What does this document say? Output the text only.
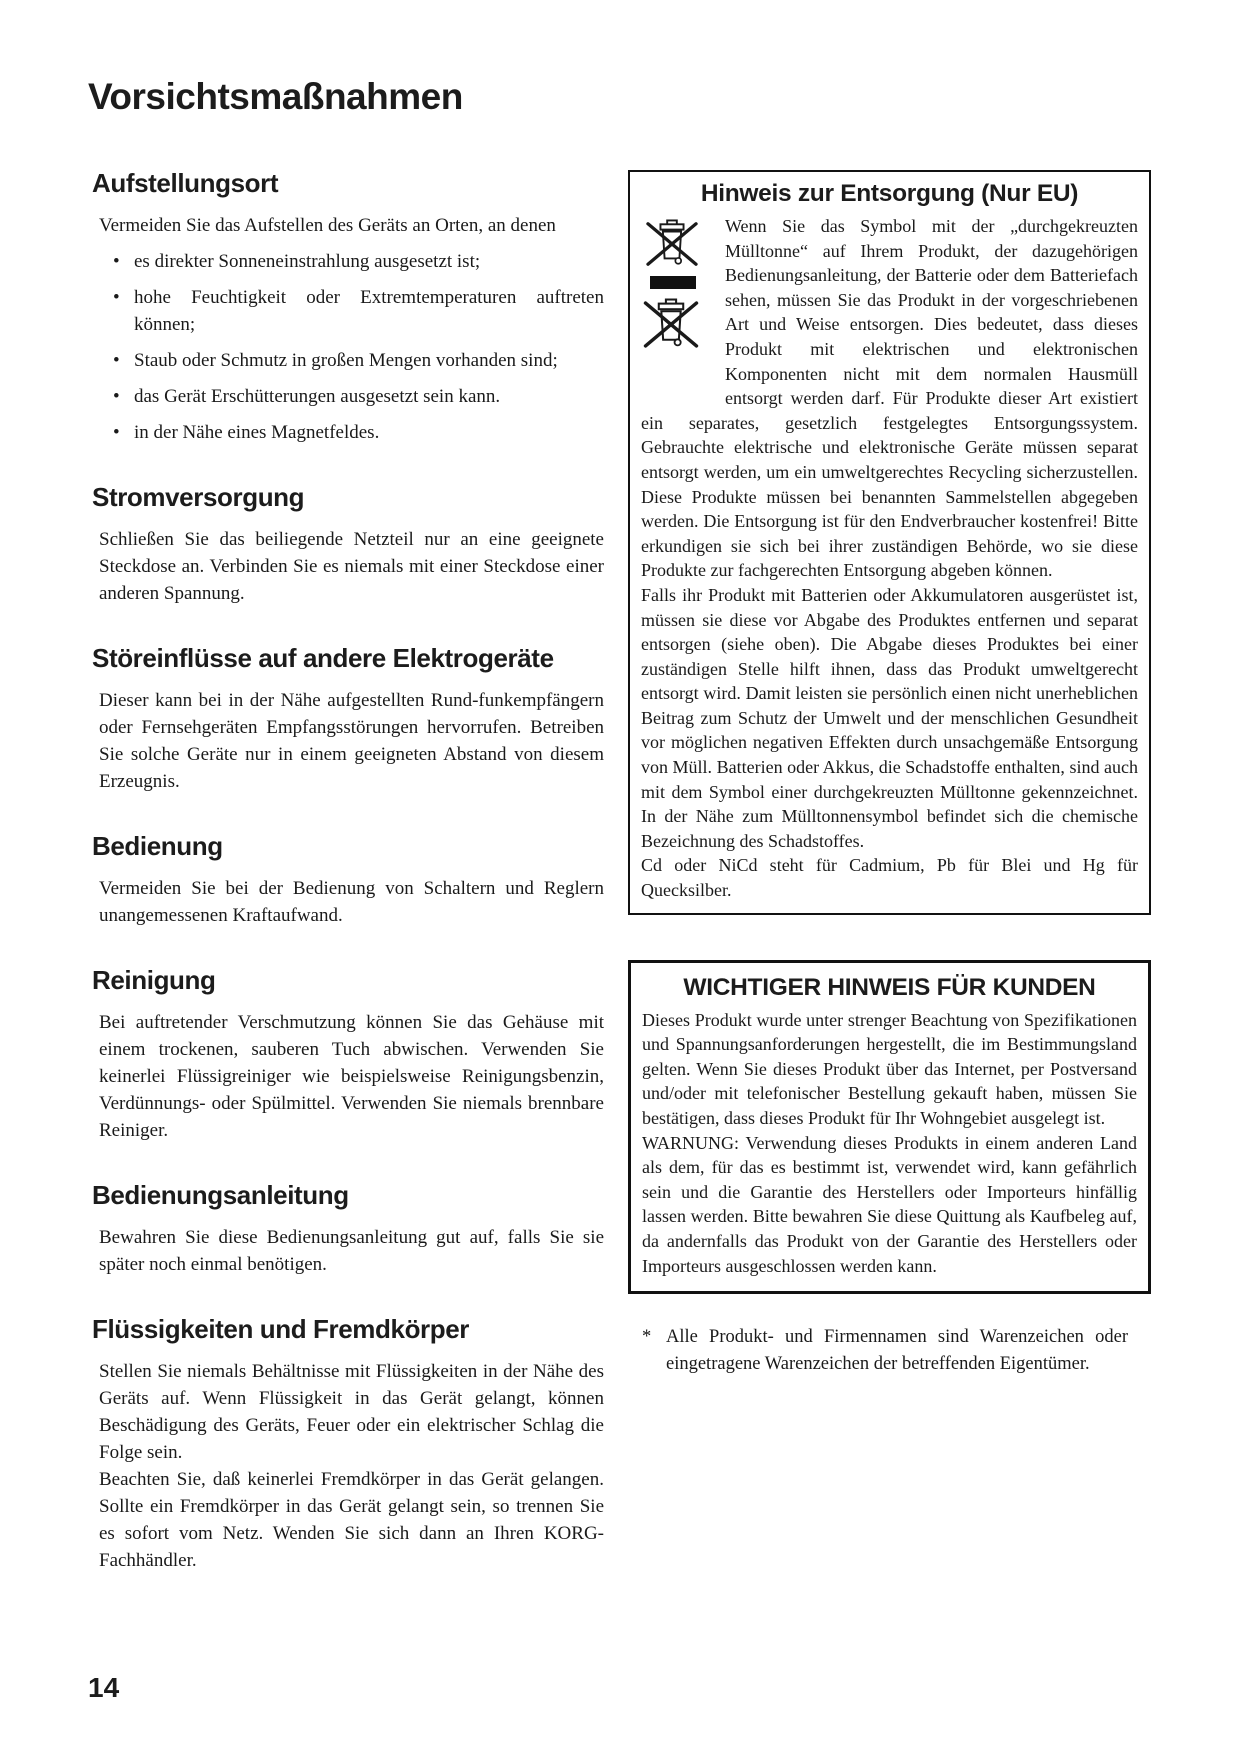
Vorsichtsmaßnahmen
Aufstellungsort

Vermeiden Sie das Aufstellen des Geräts an Orten, an denen

• es direkter Sonneneinstrahlung ausgesetzt ist;
• hohe Feuchtigkeit oder Extremtemperaturen auftreten können;
• Staub oder Schmutz in großen Mengen vorhanden sind;
• das Gerät Erschütterungen ausgesetzt sein kann.
• in der Nähe eines Magnetfeldes.
Stromversorgung

Schließen Sie das beiliegende Netzteil nur an eine geeignete Steckdose an. Verbinden Sie es niemals mit einer Steckdose einer anderen Spannung.

Störeinflüsse auf andere Elektrogeräte

Dieser kann bei in der Nähe aufgestellten Rund-funkempfängern oder Fernsehgeräten Empfangsstörungen hervorrufen. Betreiben Sie solche Geräte nur in einem geeigneten Abstand von diesem Erzeugnis.

Bedienung

Vermeiden Sie bei der Bedienung von Schaltern und Reglern unangemessenen Kraftaufwand.

Reinigung

Bei auftretender Verschmutzung können Sie das Gehäuse mit einem trockenen, sauberen Tuch abwischen. Verwenden Sie keinerlei Flüssigreiniger wie beispielsweise Reinigungsbenzin, Verdünnungs- oder Spülmittel. Verwenden Sie niemals brennbare Reiniger.

Bedienungsanleitung

Bewahren Sie diese Bedienungsanleitung gut auf, falls Sie sie später noch einmal benötigen.

Flüssigkeiten und Fremdkörper

Stellen Sie niemals Behältnisse mit Flüssigkeiten in der Nähe des Geräts auf. Wenn Flüssigkeit in das Gerät gelangt, können Beschädigung des Geräts, Feuer oder ein elektrischer Schlag die Folge sein.

Beachten Sie, daß keinerlei Fremdkörper in das Gerät gelangen. Sollte ein Fremdkörper in das Gerät gelangt sein, so trennen Sie es sofort vom Netz. Wenden Sie sich dann an Ihren KORG-Fachhändler.

Hinweis zur Entsorgung (Nur EU)

Wenn Sie das Symbol mit der „durchgekreuzten Mülltonne“ auf Ihrem Produkt, der dazugehörigen Bedienungsanleitung, der Batterie oder dem Batteriefach sehen, müssen Sie das Produkt in der vorgeschriebenen Art und Weise entsorgen. Dies bedeutet, dass dieses Produkt mit elektrischen und elektronischen Komponenten nicht mit dem normalen Hausmüll entsorgt werden darf. Für Produkte dieser Art existiert ein separates, gesetzlich festgelegtes Entsorgungssystem. Gebrauchte elektrische und elektronische Geräte müssen separat entsorgt werden, um ein umweltgerechtes Recycling sicherzustellen. Diese Produkte müssen bei benannten Sammelstellen abgegeben werden. Die Entsorgung ist für den Endverbraucher kostenfrei! Bitte erkundigen sie sich bei ihrer zuständigen Behörde, wo sie diese Produkte zur fachgerechten Entsorgung abgeben können.

Falls ihr Produkt mit Batterien oder Akkumulatoren ausgerüstet ist, müssen sie diese vor Abgabe des Produktes entfernen und separat entsorgen (siehe oben). Die Abgabe dieses Produktes bei einer zuständigen Stelle hilft ihnen, dass das Produkt umweltgerecht entsorgt wird. Damit leisten sie persönlich einen nicht unerheblichen Beitrag zum Schutz der Umwelt und der menschlichen Gesundheit vor möglichen negativen Effekten durch unsachgemäße Entsorgung von Müll. Batterien oder Akkus, die Schadstoffe enthalten, sind auch mit dem Symbol einer durchgekreuzten Mülltonne gekennzeichnet. In der Nähe zum Mülltonnensymbol befindet sich die chemische Bezeichnung des Schadstoffes.

Cd oder NiCd steht für Cadmium, Pb für Blei und Hg für Quecksilber.

WICHTIGER HINWEIS FÜR KUNDEN

Dieses Produkt wurde unter strenger Beachtung von Spezifikationen und Spannungsanforderungen hergestellt, die im Bestimmungsland gelten. Wenn Sie dieses Produkt über das Internet, per Postversand und/oder mit telefonischer Bestellung gekauft haben, müssen Sie bestätigen, dass dieses Produkt für Ihr Wohngebiet ausgelegt ist.

WARNUNG: Verwendung dieses Produkts in einem anderen Land als dem, für das es bestimmt ist, verwendet wird, kann gefährlich sein und die Garantie des Herstellers oder Importeurs hinfällig lassen werden. Bitte bewahren Sie diese Quittung als Kaufbeleg auf, da andernfalls das Produkt von der Garantie des Herstellers oder Importeurs ausgeschlossen werden kann.

* Alle Produkt- und Firmennamen sind Warenzeichen oder eingetragene Warenzeichen der betreffenden Eigentümer.

14
